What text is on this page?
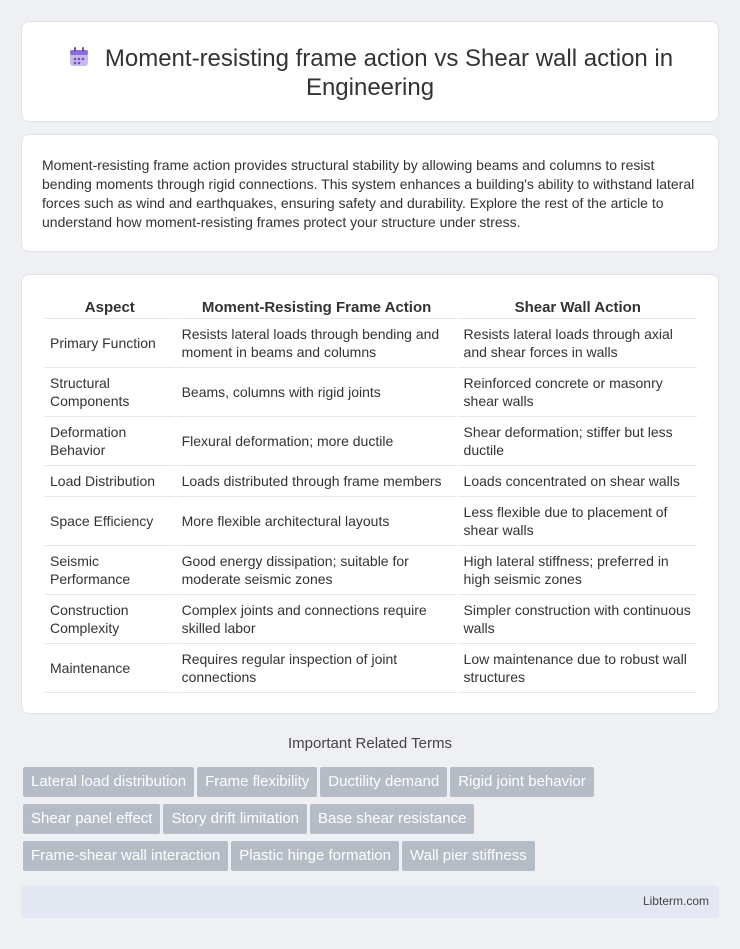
Moment-resisting frame action vs Shear wall action in
Engineering

Moment-resisting frame action provides structural stability by allowing beams and columns to resist bending moments through rigid connections. This system enhances a building's ability to withstand lateral forces such as wind and earthquakes, ensuring safety and durability. Explore the rest of the article to understand how moment-resisting frames protect your structure under stress.

Aspect	Moment-Resisting Frame Action	Shear Wall Action
Primary Function	Resists lateral loads through bending and moment in beams and columns	Resists lateral loads through axial and shear forces in walls
Structural Components	Beams, columns with rigid joints	Reinforced concrete or masonry shear walls
Deformation Behavior	Flexural deformation; more ductile	Shear deformation; stiffer but less ductile
Load Distribution	Loads distributed through frame members	Loads concentrated on shear walls
Space Efficiency	More flexible architectural layouts	Less flexible due to placement of shear walls
Seismic Performance	Good energy dissipation; suitable for moderate seismic zones	High lateral stiffness; preferred in high seismic zones
Construction Complexity	Complex joints and connections require skilled labor	Simpler construction with continuous walls
Maintenance	Requires regular inspection of joint connections	Low maintenance due to robust wall structures
Important Related Terms
Lateral load distribution Frame flexibility Ductility demand Rigid joint behavior
Shear panel effect Story drift limitation Base shear resistance
Frame-shear wall interaction Plastic hinge formation Wall pier stiffness
Libterm.com
